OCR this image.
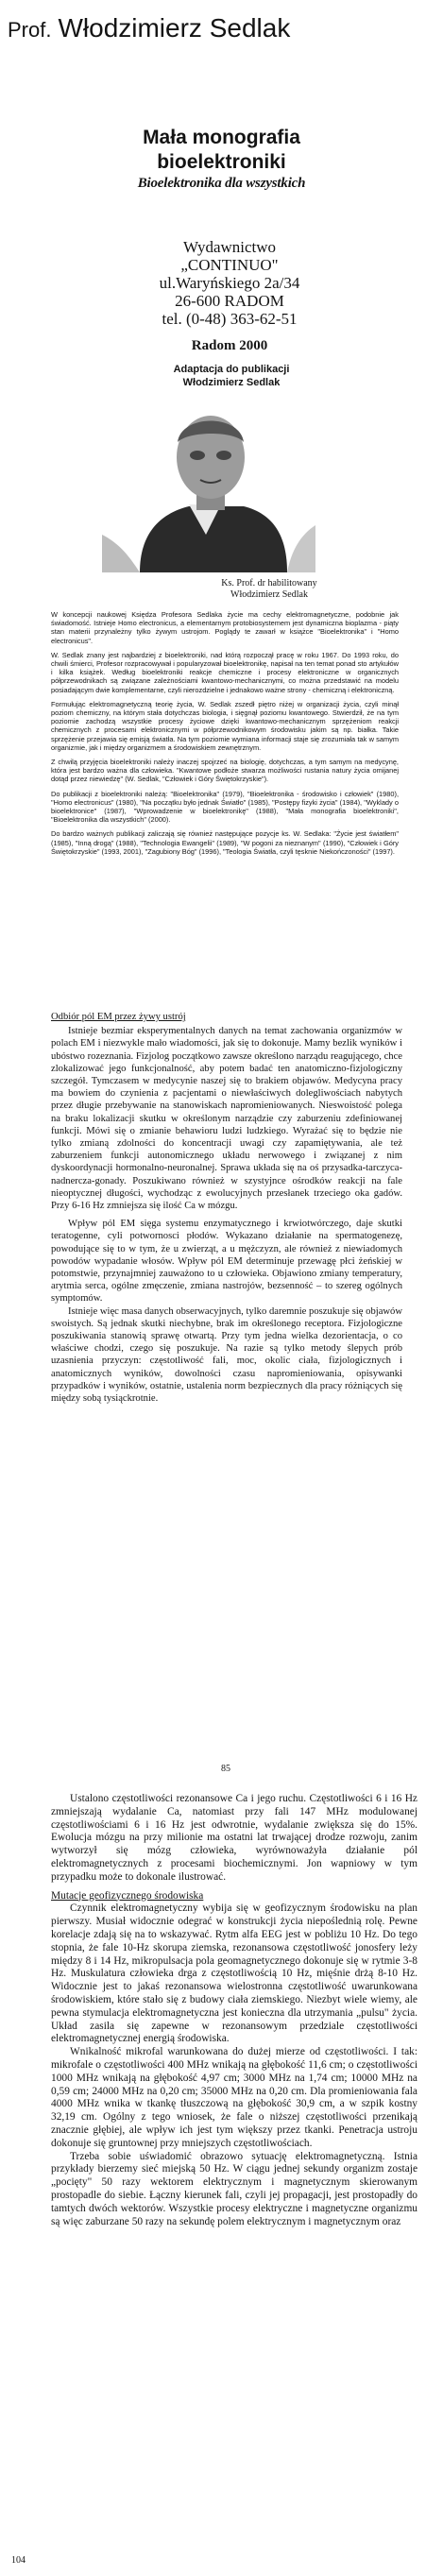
Prof. Włodzimierz Sedlak
Mała monografia
bioelektroniki
Bioelektronika dla wszystkich
Wydawnictwo
„CONTINUO"
ul.Waryńskiego 2a/34
26-600 RADOM
tel. (0-48) 363-62-51
Radom 2000
Adaptacja do publikacji
Włodzimierz Sedlak
Ks. Prof. dr habilitowany
Włodzimierz Sedlak

W koncepcji naukowej Księdza Profesora Sedlaka życie ma cechy elektromagnetyczne, podobnie jak świadomość. Istnieje Homo electronicus, a elementarnym protobiosystemem jest dynamiczna bioplazma - piąty stan materii przynależny tylko żywym ustrojom. Poglądy te zawarł w książce "Bioelektronika" i "Homo electronicus".

W. Sedlak znany jest najbardziej z bioelektroniki, nad którą rozpoczął pracę w roku 1967. Do 1993 roku, do chwili śmierci, Profesor rozpracowywał i popularyzował bioelektronikę, napisał na ten temat ponad sto artykułów i kilka książek. Według bioelektroniki reakcje chemiczne i procesy elektroniczne w organicznych półprzewodnikach są związane zależnościami kwantowo-mechanicznymi, co można przedstawić na modelu posiadającym dwie komplementarne, czyli nierozdzielne i jednakowo ważne strony - chemiczną i elektroniczną.

Formułując elektromagnetyczną teorię życia, W. Sedlak zszedł piętro niżej w organizacji życia, czyli minął poziom chemiczny, na którym stała dotychczas biologia, i sięgnął poziomu kwantowego. Stwierdził, że na tym poziomie zachodzą wszystkie procesy życiowe dzięki kwantowo-mechanicznym sprzężeniom reakcji chemicznych z procesami elektronicznymi w półprzewodnikowym środowisku jakim są np. białka. Takie sprzężenie przejawia się emisją światła. Na tym poziomie wymiana informacji staje się zrozumiała tak w samym organizmie, jak i między organizmem a środowiskiem zewnętrznym.

Z chwilą przyjęcia bioelektroniki należy inaczej spojrzeć na biologię, dotychczas, a tym samym na medycynę, która jest bardzo ważna dla człowieka. "Kwantowe podłoże stwarza możliwości rustania natury życia omijanej dotąd przez niewiedzę" (W. Sedlak, "Człowiek i Góry Świętokrzyskie").

Do publikacji z bioelektroniki należą: "Bioelektronika" (1979), "Bioelektronika - środowisko i człowiek" (1980), "Homo electronicus" (1980), "Na początku było jednak Światło" (1985), "Postępy fizyki życia" (1984), "Wyklady o bioelektronice" (1987), "Wprowadzenie w bioelektronikę" (1988), "Mała monografia bioelektroniki", "Bioelektronika dla wszystkich" (2000).

Do bardzo ważnych publikacji zaliczają się również następujące pozycje ks. W. Sedlaka: "Życie jest światłem" (1985), "Inną drogą" (1988), "Technologia Ewangelii" (1989), "W pogoni za nieznanym" (1990), "Człowiek i Góry Świętokrzyskie" (1993, 2001), "Zagubiony Bóg" (1996), "Teologia Światła, czyli tęsknie Niekończoności" (1997).

Odbiór pól EM przez żywy ustrój

Istnieje bezmiar eksperymentalnych danych na temat zachowania organizmów w polach EM i niezwykle mało wiadomości, jak się to dokonuje. Mamy bezlik wyników i ubóstwo rozeznania. Fizjolog początkowo zawsze określono narządu reagującego, chce zlokalizować jego funkcjonalność, aby potem badać ten anatomiczno-fizjologiczny szczegół. Tymczasem w medycynie naszej się to brakiem objawów. Medycyna pracy ma bowiem do czynienia z pacjentami o niewłaściwych dolegliwościach nabytych przez długie przebywanie na stanowiskach napromieniowanych. Nieswoistość polega na braku lokalizacji skutku w określonym narządzie czy zaburzeniu zdefiniowanej funkcji. Mówi się o zmianie behawioru ludzi ludzkiego. Wyrażać się to będzie nie tylko zmianą zdolności do koncentracji uwagi czy zapamiętywania, ale też zaburzeniem funkcji autonomicznego układu nerwowego i związanej z nim dyskoordynacji hormonalno-neuronalnej. Sprawa układa się na oś przysadka-tarczyca-nadnercza-gonady. Poszukiwano również w szystyjnce ośrodków reakcji na fale nieoptycznej długości, wychodząc z ewolucyjnych przesłanek trzeciego oka gadów. Przy 6-16 Hz zmniejsza się ilość Ca w mózgu.

Wpływ pól EM sięga systemu enzymatycznego i krwiotwórczego, daje skutki teratogenne, cyli potwornosci płodów. Wykazano działanie na spermatogenezę, powodujące się to w tym, że u zwierząt, a u mężczyzn, ale również z niewiadomych powodów wypadanie włosów. Wpływ pól EM determinuje przewagę płci żeńskiej w potomstwie, przynajmniej zauważono to u człowieka. Objawiono zmiany temperatury, arytmia serca, ogólne zmęczenie, zmiana nastrojów, bezsenność – to szereg ogólnych symptomów.

Istnieje więc masa danych obserwacyjnych, tylko daremnie poszukuje się objawów swoistych. Są jednak skutki niechybne, brak im określonego receptora. Fizjologiczne poszukiwania stanowią sprawę otwartą. Przy tym jedna wielka dezorientacja, o co właściwe chodzi, czego się poszukuje. Na razie są tylko metody ślepych prób uzasnienia przyczyn: częstotliwość fali, moc, okolic ciała, fizjologicznych i anatomicznych wyników, dowolności czasu napromieniowania, opisywanki przypadków i wyników, ostatnie, ustalenia norm bezpiecznych dla pracy różniących się między sobą tysiąckrotnie.

85

Ustalono częstotliwości rezonansowe Ca i jego ruchu. Częstotliwości 6 i 16 Hz zmniejszają wydalanie Ca, natomiast przy fali 147 MHz modulowanej częstotliwościami 6 i 16 Hz jest odwrotnie, wydalanie zwiększa się do 15%. Ewolucja mózgu na przy milionie ma ostatni lat trwającej drodze rozwoju, zanim wytworzył się mózg człowieka, wyrównoważyła działanie pól elektromagnetycznych z procesami biochemicznymi. Jon wapniowy w tym przypadku może to dokonale ilustrować.

Mutacje geofizycznego środowiska

Czynnik elektromagnetyczny wybija się w geofizycznym środowisku na plan pierwszy. Musiał widocznie odegrać w konstrukcji życia niepoślednią rolę. Pewne korelacje zdają się na to wskazywać. Rytm alfa EEG jest w pobliżu 10 Hz. Do tego stopnia, że fale 10-Hz skorupa ziemska, rezonansowa częstotliwość jonosfery leży między 8 i 14 Hz, mikropulsacja pola geomagnetycznego dokonuje się w rytmie 3-8 Hz. Muskulatura człowieka drga z częstotliwością 10 Hz, mięśnie drżą 8-10 Hz. Widocznie jest to jakaś rezonansowa wielostronna częstotliwość uwarunkowana środowiskiem, które stało się z budowy ciała ziemskiego. Niezbyt wiele wiemy, ale pewna stymulacja elektromagnetyczna jest konieczna dla utrzymania „pulsu" życia. Układ zasila się zapewne w rezonansowym przedziale częstotliwości elektromagnetycznej energią środowiska.

Wnikalność mikrofal warunkowana do dużej mierze od częstotliwości. I tak: mikrofale o częstotliwości 400 MHz wnikają na głębokość 11,6 cm; o częstotliwości 1000 MHz wnikają na głębokość 4,97 cm; 3000 MHz na 1,74 cm; 10000 MHz na 0,59 cm; 24000 MHz na 0,20 cm; 35000 MHz na 0,20 cm. Dla promieniowania fala 4000 MHz wnika w tkankę tłuszczową na głębokość 30,9 cm, a w szpik kostny 32,19 cm. Ogólny z tego wniosek, że fale o niższej częstotliwości przenikają znacznie głębiej, ale wpływ ich jest tym większy przez tkanki. Penetracja ustroju dokonuje się gruntownej przy mniejszych częstotliwościach.

Trzeba sobie uświadomić obrazowo sytuację elektromagnetyczną. Istnia przykłady bierzemy sieć miejską 50 Hz. W ciągu jednej sekundy organizm zostaje „pocięty" 50 razy wektorem elektrycznym i magnetycznym skierowanym prostopadle do siebie. Łączny kierunek fali, czyli jej propagacji, jest prostopadły do tamtych dwóch wektorów. Wszystkie procesy elektryczne i magnetyczne organizmu są więc zaburzane 50 razy na sekundę polem elektrycznym i magnetycznym oraz

104
